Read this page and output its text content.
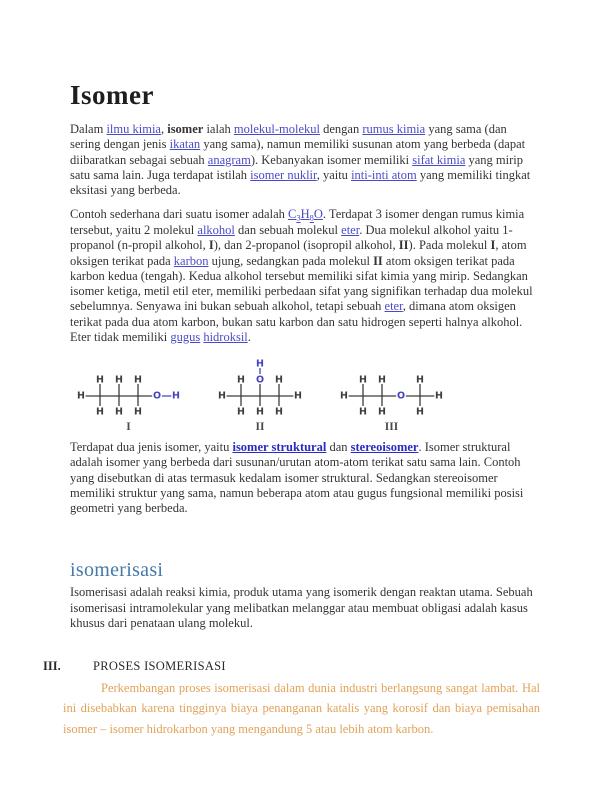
Isomer

Dalam ilmu kimia, isomer ialah molekul-molekul dengan rumus kimia yang sama (dan sering dengan jenis ikatan yang sama), namun memiliki susunan atom yang berbeda (dapat diibaratkan sebagai sebuah anagram). Kebanyakan isomer memiliki sifat kimia yang mirip satu sama lain. Juga terdapat istilah isomer nuklir, yaitu inti-inti atom yang memiliki tingkat eksitasi yang berbeda.

Contoh sederhana dari suatu isomer adalah $C_3H_8O$. Terdapat 3 isomer dengan rumus kimia tersebut, yaitu 2 molekul alkohol dan sebuah molekul eter. Dua molekul alkohol yaitu 1-propanol (n-propil alkohol, I), dan 2-propanol (isopropil alkohol, II). Pada molekul I, atom oksigen terikat pada karbon ujung, sedangkan pada molekul II atom oksigen terikat pada karbon kedua (tengah). Kedua alkohol tersebut memiliki sifat kimia yang mirip. Sedangkan isomer ketiga, metil etil eter, memiliki perbedaan sifat yang signifikan terhadap dua molekul sebelumnya. Senyawa ini bukan sebuah alkohol, tetapi sebuah eter, dimana atom oksigen terikat pada dua atom karbon, bukan satu karbon dan satu hidrogen seperti halnya alkohol. Eter tidak memiliki gugus hidroksil.

H
H H H
O H
H H H
I
H
H O H
H	H
H H H
II
H H	H
H	O	H
H H	H
III

Terdapat dua jenis isomer, yaitu isomer struktural dan stereoisomer. Isomer struktural adalah isomer yang berbeda dari susunan/urutan atom-atom terikat satu sama lain. Contoh yang disebutkan di atas termasuk kedalam isomer struktural. Sedangkan stereoisomer memiliki struktur yang sama, namun beberapa atom atau gugus fungsional memiliki posisi geometri yang berbeda.

isomerisasi

Isomerisasi adalah reaksi kimia, produk utama yang isomerik dengan reaktan utama. Sebuah isomerisasi intramolekular yang melibatkan melanggar atau membuat obligasi adalah kasus khusus dari penataan ulang molekul.

III.	PROSES ISOMERISASI

Perkembangan proses isomerisasi dalam dunia industri berlangsung sangat lambat. Hal ini disebabkan karena tingginya biaya penanganan katalis yang korosif dan biaya pemisahan isomer – isomer hidrokarbon yang mengandung 5 atau lebih atom karbon.
